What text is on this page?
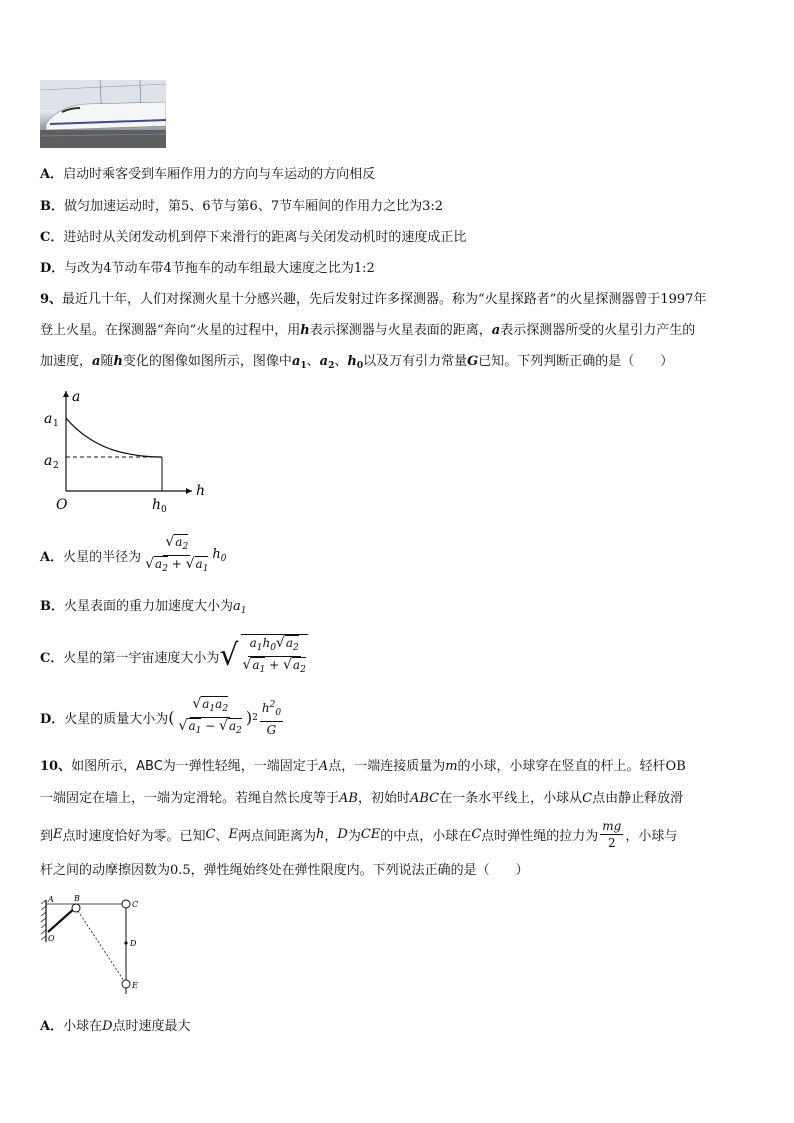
A．启动时乘客受到车厢作用力的方向与车运动的方向相反
B．做匀加速运动时，第5、6节与第6、7节车厢间的作用力之比为3:2
C．进站时从关闭发动机到停下来滑行的距离与关闭发动机时的速度成正比
D．与改为4节动车带4节拖车的动车组最大速度之比为1:2
9、最近几十年，人们对探测火星十分感兴趣，先后发射过许多探测器。称为“火星探路者”的火星探测器曾于1997年
登上火星。在探测器“奔向”火星的过程中，用h表示探测器与火星表面的距离，a表示探测器所受的火星引力产生的
加速度，a随h变化的图像如图所示，图像中$a_1$、$a_2$、$h_0$以及万有引力常量G已知。下列判断正确的是（　　）
a
h
O
a 1
a 2
h 0
A． 火星的半径为 $\frac{√a_2}{√a_2 + √a_1} h_0$
B．火星表面的重力加速度大小为$a_1$
C． 火星的第一宇宙速度大小为 √ $\frac{a_1h_0√a_2}{√a_1 + √a_2}$
D． 火星的质量大小为 ( $\frac{√a_1a_2}{√a_1 - √a_2}$ ) $2 \frac{h^2_0}{G}$
10、如图所示，ABC为一弹性轻绳，一端固定于A点，一端连接质量为m的小球，小球穿在竖直的杆上。轻杆OB
一端固定在墙上，一端为定滑轮。若绳自然长度等于AB，初始时ABC在一条水平线上，小球从C点由静止释放滑
到 E 点时速度恰好为零。已知 C 、 E 两点间距离为 h ， D 为 CE 的中点，小球在 C 点时弹性绳的拉力为 $\frac{mg}{2}$ ，小球与
杆之间的动摩擦因数为0.5，弹性绳始终处在弹性限度内。下列说法正确的是（　　）
A	B
C
D
E
O
A．小球在D点时速度最大
